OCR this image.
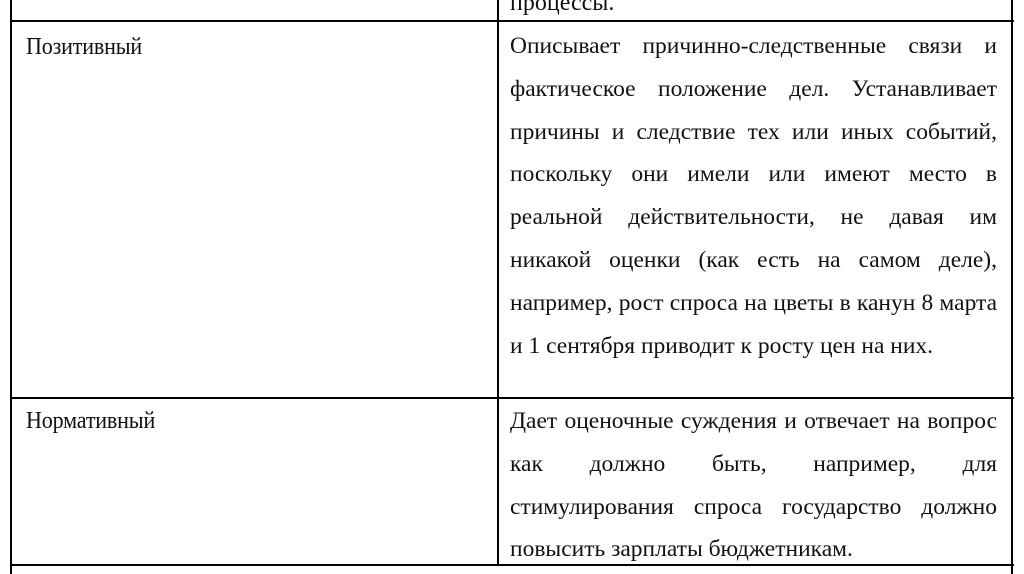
процессы.
Позитивный	Описывает причинно-следственные связи и фактическое положение дел. Устанавливает причины и следствие тех или иных событий, поскольку они имели или имеют место в реальной действительности, не давая им никакой оценки (как есть на самом деле), например, рост спроса на цветы в канун 8 марта и 1 сентября приводит к росту цен на них.

Нормативный	Дает оценочные суждения и отвечает на вопрос как должно быть, например, для стимулирования спроса государство должно повысить зарплаты бюджетникам.
